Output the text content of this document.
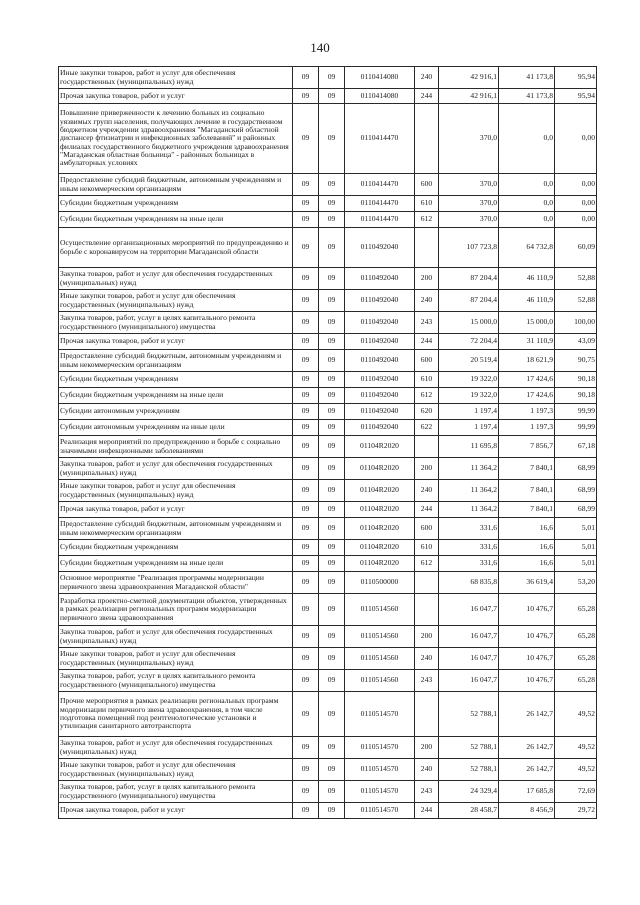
140
Иные закупки товаров, работ и услуг для обеспечения государственных (муниципальных) нужд	09	09	0110414080	240	42 916,1	41 173,8	95,94
Прочая закупка товаров, работ и услуг	09	09	0110414080	244	42 916,1	41 173,8	95,94
Повышение приверженности к лечению больных из социально уязвимых групп населения, получающих лечение в государственном бюджетном учреждении здравоохранения "Магаданский областной диспансер фтизиатрии и инфекционных заболеваний" и районных филиалах государственного бюджетного учреждения здравоохранения "Магаданская областная больница" - районных больницах в амбулаторных условиях	09	09	0110414470		370,0	0,0	0,00
Предоставление субсидий бюджетным, автономным учреждениям и иным некоммерческим организациям	09	09	0110414470	600	370,0	0,0	0,00
Субсидии бюджетным учреждениям	09	09	0110414470	610	370,0	0,0	0,00
Субсидии бюджетным учреждениям на иные цели	09	09	0110414470	612	370,0	0,0	0,00
Осуществление организационных мероприятий по предупреждению и борьбе с коронавирусом на территории Магаданской области	09	09	0110492040		107 723,8	64 732,8	60,09
Закупка товаров, работ и услуг для обеспечения государственных (муниципальных) нужд	09	09	0110492040	200	87 204,4	46 110,9	52,88
Иные закупки товаров, работ и услуг для обеспечения государственных (муниципальных) нужд	09	09	0110492040	240	87 204,4	46 110,9	52,88
Закупка товаров, работ, услуг в целях капитального ремонта государственного (муниципального) имущества	09	09	0110492040	243	15 000,0	15 000,0	100,00
Прочая закупка товаров, работ и услуг	09	09	0110492040	244	72 204,4	31 110,9	43,09
Предоставление субсидий бюджетным, автономным учреждениям и иным некоммерческим организациям	09	09	0110492040	600	20 519,4	18 621,9	90,75
Субсидии бюджетным учреждениям	09	09	0110492040	610	19 322,0	17 424,6	90,18
Субсидии бюджетным учреждениям на иные цели	09	09	0110492040	612	19 322,0	17 424,6	90,18
Субсидии автономным учреждениям	09	09	0110492040	620	1 197,4	1 197,3	99,99
Субсидии автономным учреждениям на иные цели	09	09	0110492040	622	1 197,4	1 197,3	99,99
Реализация мероприятий по предупреждению и борьбе с социально значимыми инфекционными заболеваниями	09	09	01104R2020		11 695,8	7 856,7	67,18
Закупка товаров, работ и услуг для обеспечения государственных (муниципальных) нужд	09	09	01104R2020	200	11 364,2	7 840,1	68,99
Иные закупки товаров, работ и услуг для обеспечения государственных (муниципальных) нужд	09	09	01104R2020	240	11 364,2	7 840,1	68,99
Прочая закупка товаров, работ и услуг	09	09	01104R2020	244	11 364,2	7 840,1	68,99
Предоставление субсидий бюджетным, автономным учреждениям и иным некоммерческим организациям	09	09	01104R2020	600	331,6	16,6	5,01
Субсидии бюджетным учреждениям	09	09	01104R2020	610	331,6	16,6	5,01
Субсидии бюджетным учреждениям на иные цели	09	09	01104R2020	612	331,6	16,6	5,01
Основное мероприятие "Реализация программы модернизации первичного звена здравоохранения Магаданской области"	09	09	0110500000		68 835,8	36 619,4	53,20
Разработка проектно-сметной документации объектов, утвержденных в рамках реализации региональных программ модернизации первичного звена здравоохранения	09	09	0110514560		16 047,7	10 476,7	65,28
Закупка товаров, работ и услуг для обеспечения государственных (муниципальных) нужд	09	09	0110514560	200	16 047,7	10 476,7	65,28
Иные закупки товаров, работ и услуг для обеспечения государственных (муниципальных) нужд	09	09	0110514560	240	16 047,7	10 476,7	65,28
Закупка товаров, работ, услуг в целях капитального ремонта государственного (муниципального) имущества	09	09	0110514560	243	16 047,7	10 476,7	65,28
Прочие мероприятия в рамках реализации региональных программ модернизации первичного звена здравоохранения, в том числе подготовка помещений под рентгенологические установки и утилизация санитарного автотранспорта	09	09	0110514570		52 788,1	26 142,7	49,52
Закупка товаров, работ и услуг для обеспечения государственных (муниципальных) нужд	09	09	0110514570	200	52 788,1	26 142,7	49,52
Иные закупки товаров, работ и услуг для обеспечения государственных (муниципальных) нужд	09	09	0110514570	240	52 788,1	26 142,7	49,52
Закупка товаров, работ, услуг в целях капитального ремонта государственного (муниципального) имущества	09	09	0110514570	243	24 329,4	17 685,8	72,69
Прочая закупка товаров, работ и услуг	09	09	0110514570	244	28 458,7	8 456,9	29,72
